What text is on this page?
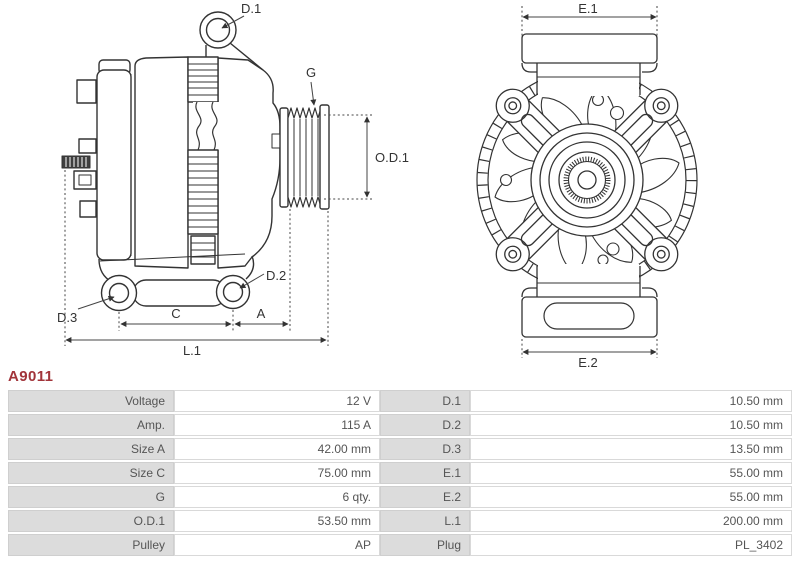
D.1
G
O.D.1
D.2
D.3	C	A
L.1
E.1
E.2
A9011
Voltage	12 V	D.1	10.50 mm
Amp.	115 A	D.2	10.50 mm
Size A	42.00 mm	D.3	13.50 mm
Size C	75.00 mm	E.1	55.00 mm
G	6 qty.	E.2	55.00 mm
O.D.1	53.50 mm	L.1	200.00 mm
Pulley	AP	Plug	PL_3402
